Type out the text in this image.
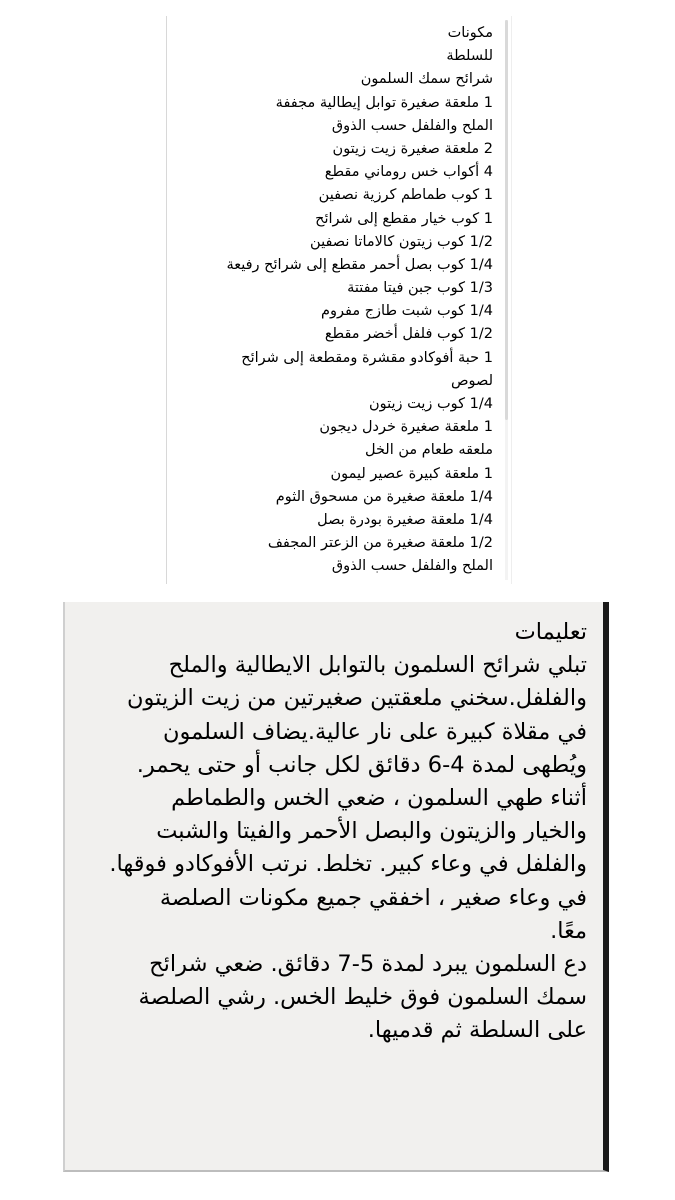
مكونات
للسلطة
شرائح سمك السلمون
1 ملعقة صغيرة توابل إيطالية مجففة
الملح والفلفل حسب الذوق
2 ملعقة صغيرة زيت زيتون
4 أكواب خس روماني مقطع
1 كوب طماطم كرزية نصفين
1 كوب خيار مقطع إلى شرائح
1/2 كوب زيتون كالاماتا نصفين
1/4 كوب بصل أحمر مقطع إلى شرائح رفيعة
1/3 كوب جبن فيتا مفتتة
1/4 كوب شبت طازج مفروم
1/2 كوب فلفل أخضر مقطع
1 حبة أفوكادو مقشرة ومقطعة إلى شرائح
لصوص
1/4 كوب زيت زيتون
1 ملعقة صغيرة خردل ديجون
ملعقه طعام من الخل
1 ملعقة كبيرة عصير ليمون
1/4 ملعقة صغيرة من مسحوق الثوم
1/4 ملعقة صغيرة بودرة بصل
1/2 ملعقة صغيرة من الزعتر المجفف
الملح والفلفل حسب الذوق
تعليمات
تبلي شرائح السلمون بالتوابل الايطالية والملح
والفلفل.سخني ملعقتين صغيرتين من زيت الزيتون
في مقلاة كبيرة على نار عالية.يضاف السلمون
ويُطهى لمدة 4-6 دقائق لكل جانب أو حتى يحمر.
أثناء طهي السلمون ، ضعي الخس والطماطم
والخيار والزيتون والبصل الأحمر والفيتا والشبت
والفلفل في وعاء كبير. تخلط. نرتب الأفوكادو فوقها.
في وعاء صغير ، اخفقي جميع مكونات الصلصة
معًا.
دع السلمون يبرد لمدة 5-7 دقائق. ضعي شرائح
سمك السلمون فوق خليط الخس. رشي الصلصة
على السلطة ثم قدميها.
